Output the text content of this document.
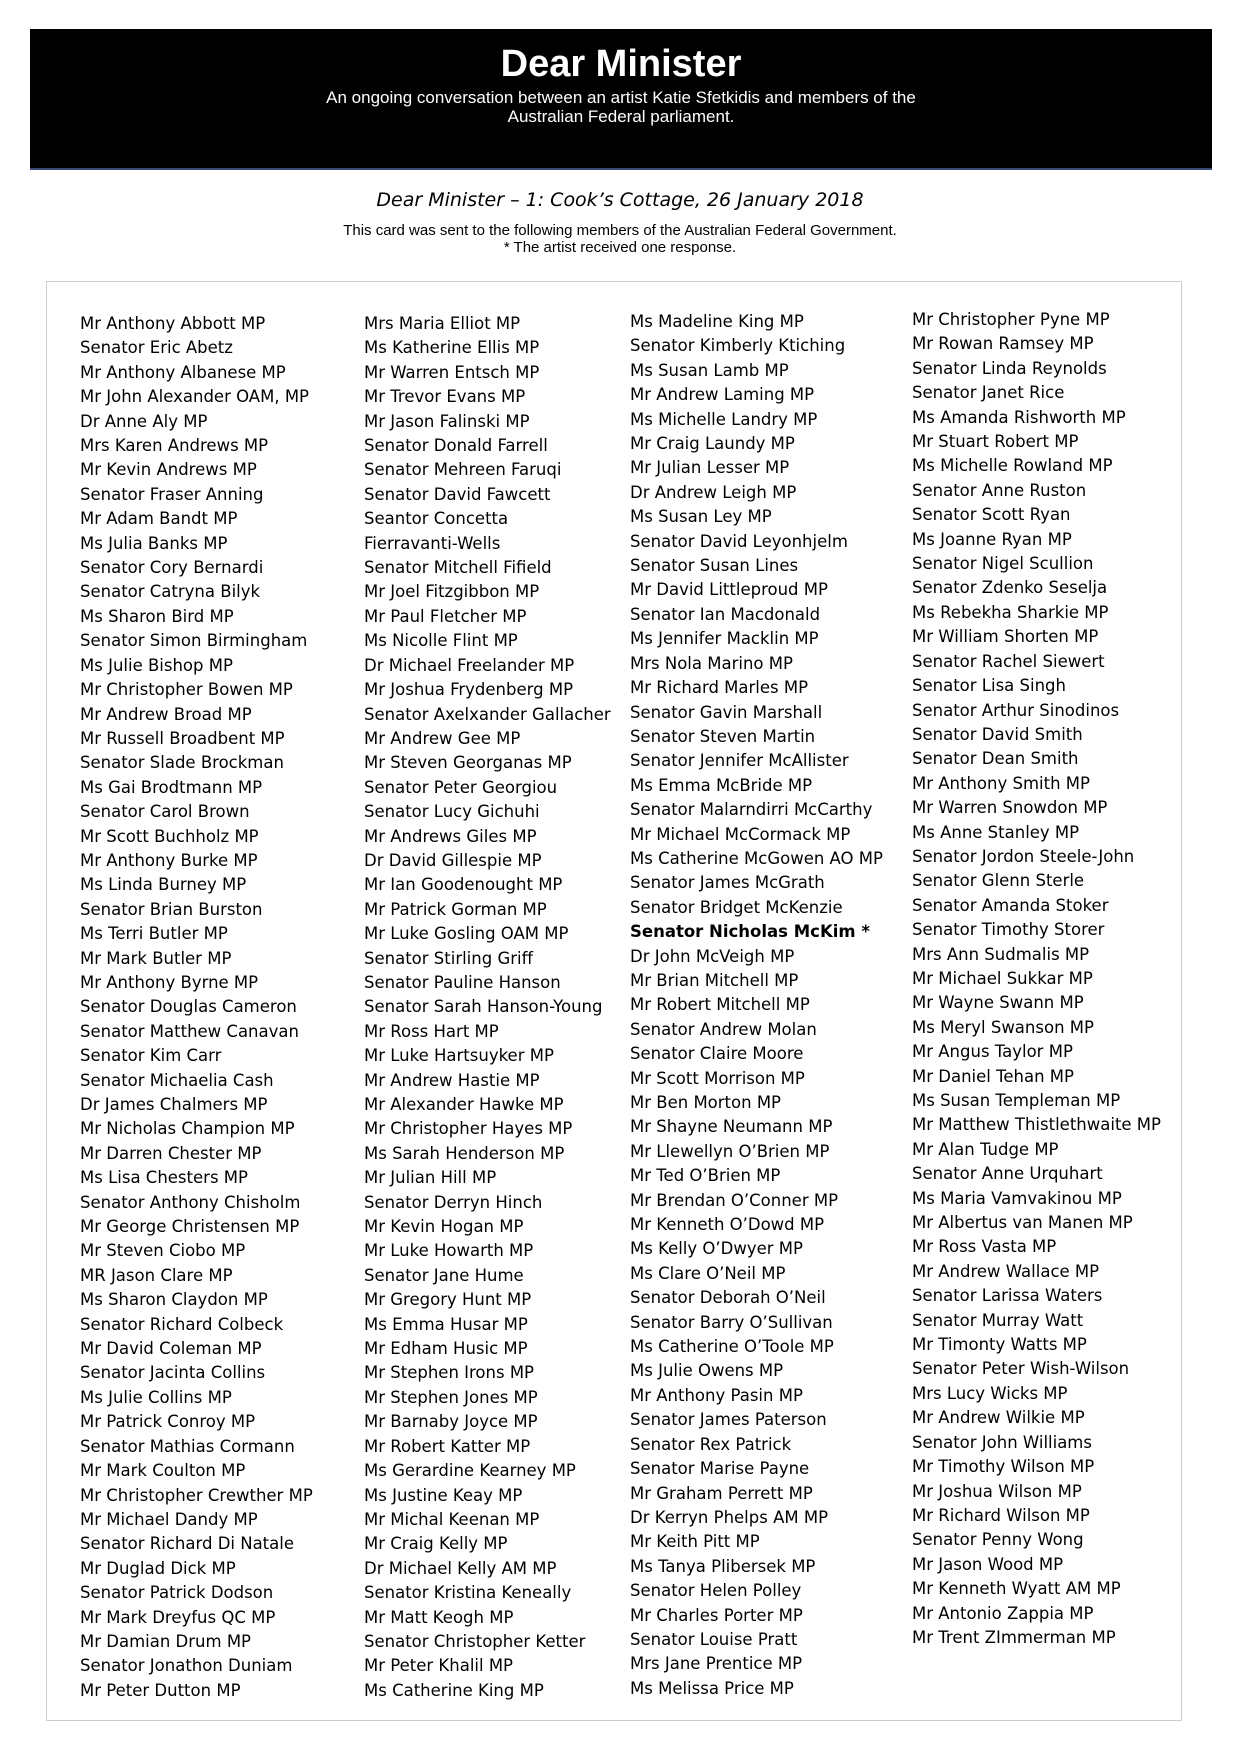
Dear Minister
An ongoing conversation between an artist Katie Sfetkidis and members of the Australian Federal parliament.
Dear Minister – 1: Cook’s Cottage, 26 January 2018
This card was sent to the following members of the Australian Federal Government.
* The artist received one response.
Mr Anthony Abbott MP
Senator Eric Abetz
Mr Anthony Albanese MP
Mr John Alexander OAM, MP
Dr Anne Aly MP
Mrs Karen Andrews MP
Mr Kevin Andrews MP
Senator Fraser Anning
Mr Adam Bandt MP
Ms Julia Banks MP
Senator Cory Bernardi
Senator Catryna Bilyk
Ms Sharon Bird MP
Senator Simon Birmingham
Ms Julie Bishop MP
Mr Christopher Bowen MP
Mr Andrew Broad MP
Mr Russell Broadbent MP
Senator Slade Brockman
Ms Gai Brodtmann MP
Senator Carol Brown
Mr Scott Buchholz MP
Mr Anthony Burke MP
Ms Linda Burney MP
Senator Brian Burston
Ms Terri Butler MP
Mr Mark Butler MP
Mr Anthony Byrne MP
Senator Douglas Cameron
Senator Matthew Canavan
Senator Kim Carr
Senator Michaelia Cash
Dr James Chalmers MP
Mr Nicholas Champion MP
Mr Darren Chester MP
Ms Lisa Chesters MP
Senator Anthony Chisholm
Mr George Christensen MP
Mr Steven Ciobo MP
MR Jason Clare MP
Ms Sharon Claydon MP
Senator Richard Colbeck
Mr David Coleman MP
Senator Jacinta Collins
Ms Julie Collins MP
Mr Patrick Conroy MP
Senator Mathias Cormann
Mr Mark Coulton MP
Mr Christopher Crewther MP
Mr Michael Dandy MP
Senator Richard Di Natale
Mr Duglad Dick MP
Senator Patrick Dodson
Mr Mark Dreyfus QC MP
Mr Damian Drum MP
Senator Jonathon Duniam
Mr Peter Dutton MP
Mrs Maria Elliot MP
Ms Katherine Ellis MP
Mr Warren Entsch MP
Mr Trevor Evans MP
Mr Jason Falinski MP
Senator Donald Farrell
Senator Mehreen Faruqi
Senator David Fawcett
Seantor Concetta Fierravanti-Wells
Senator Mitchell Fifield
Mr Joel Fitzgibbon MP
Mr Paul Fletcher MP
Ms Nicolle Flint MP
Dr Michael Freelander MP
Mr Joshua Frydenberg MP
Senator Axelxander Gallacher
Mr Andrew Gee MP
Mr Steven Georganas MP
Senator Peter Georgiou
Senator Lucy Gichuhi
Mr Andrews Giles MP
Dr David Gillespie MP
Mr Ian Goodenought MP
Mr Patrick Gorman MP
Mr Luke Gosling OAM MP
Senator Stirling Griff
Senator Pauline Hanson
Senator Sarah Hanson-Young
Mr Ross Hart MP
Mr Luke Hartsuyker MP
Mr Andrew Hastie MP
Mr Alexander Hawke MP
Mr Christopher Hayes MP
Ms Sarah Henderson MP
Mr Julian Hill MP
Senator Derryn Hinch
Mr Kevin Hogan MP
Mr Luke Howarth MP
Senator Jane Hume
Mr Gregory Hunt MP
Ms Emma Husar MP
Mr Edham Husic MP
Mr Stephen Irons MP
Mr Stephen Jones MP
Mr Barnaby Joyce MP
Mr Robert Katter MP
Ms Gerardine Kearney MP
Ms Justine Keay MP
Mr Michal Keenan MP
Mr Craig Kelly MP
Dr Michael Kelly AM MP
Senator Kristina Keneally
Mr Matt Keogh MP
Senator Christopher Ketter
Mr Peter Khalil MP
Ms Catherine King MP
Ms Madeline King MP
Senator Kimberly Ktiching
Ms Susan Lamb MP
Mr Andrew Laming MP
Ms Michelle Landry MP
Mr Craig Laundy MP
Mr Julian Lesser MP
Dr Andrew Leigh MP
Ms Susan Ley MP
Senator David Leyonhjelm
Senator Susan Lines
Mr David Littleproud MP
Senator Ian Macdonald
Ms Jennifer Macklin MP
Mrs Nola Marino MP
Mr Richard Marles MP
Senator Gavin Marshall
Senator Steven Martin
Senator Jennifer McAllister
Ms Emma McBride MP
Senator Malarndirri McCarthy
Mr Michael McCormack MP
Ms Catherine McGowen AO MP
Senator James McGrath
Senator Bridget McKenzie
Senator Nicholas McKim *
Dr John McVeigh MP
Mr Brian Mitchell MP
Mr Robert Mitchell MP
Senator Andrew Molan
Senator Claire Moore
Mr Scott Morrison MP
Mr Ben Morton MP
Mr Shayne Neumann MP
Mr Llewellyn O’Brien MP
Mr Ted O’Brien MP
Mr Brendan O’Conner MP
Mr Kenneth O’Dowd MP
Ms Kelly O’Dwyer MP
Ms Clare O’Neil MP
Senator Deborah O’Neil
Senator Barry O’Sullivan
Ms Catherine O’Toole MP
Ms Julie Owens MP
Mr Anthony Pasin MP
Senator James Paterson
Senator Rex Patrick
Senator Marise Payne
Mr Graham Perrett MP
Dr Kerryn Phelps AM MP
Mr Keith Pitt MP
Ms Tanya Plibersek MP
Senator Helen Polley
Mr Charles Porter MP
Senator Louise Pratt
Mrs Jane Prentice MP
Ms Melissa Price MP
Mr Christopher Pyne MP
Mr Rowan Ramsey MP
Senator Linda Reynolds
Senator Janet Rice
Ms Amanda Rishworth MP
Mr Stuart Robert MP
Ms Michelle Rowland MP
Senator Anne Ruston
Senator Scott Ryan
Ms Joanne Ryan MP
Senator Nigel Scullion
Senator Zdenko Seselja
Ms Rebekha Sharkie MP
Mr William Shorten MP
Senator Rachel Siewert
Senator Lisa Singh
Senator Arthur Sinodinos
Senator David Smith
Senator Dean Smith
Mr Anthony Smith MP
Mr Warren Snowdon MP
Ms Anne Stanley MP
Senator Jordon Steele-John
Senator Glenn Sterle
Senator Amanda Stoker
Senator Timothy Storer
Mrs Ann Sudmalis MP
Mr Michael Sukkar MP
Mr Wayne Swann MP
Ms Meryl Swanson MP
Mr Angus Taylor MP
Mr Daniel Tehan MP
Ms Susan Templeman MP
Mr Matthew Thistlethwaite MP
Mr Alan Tudge MP
Senator Anne Urquhart
Ms Maria Vamvakinou MP
Mr Albertus van Manen MP
Mr Ross Vasta MP
Mr Andrew Wallace MP
Senator Larissa Waters
Senator Murray Watt
Mr Timonty Watts MP
Senator Peter Wish-Wilson
Mrs Lucy Wicks MP
Mr Andrew Wilkie MP
Senator John Williams
Mr Timothy Wilson MP
Mr Joshua Wilson MP
Mr Richard Wilson MP
Senator Penny Wong
Mr Jason Wood MP
Mr Kenneth Wyatt AM MP
Mr Antonio Zappia MP
Mr Trent ZImmerman MP
